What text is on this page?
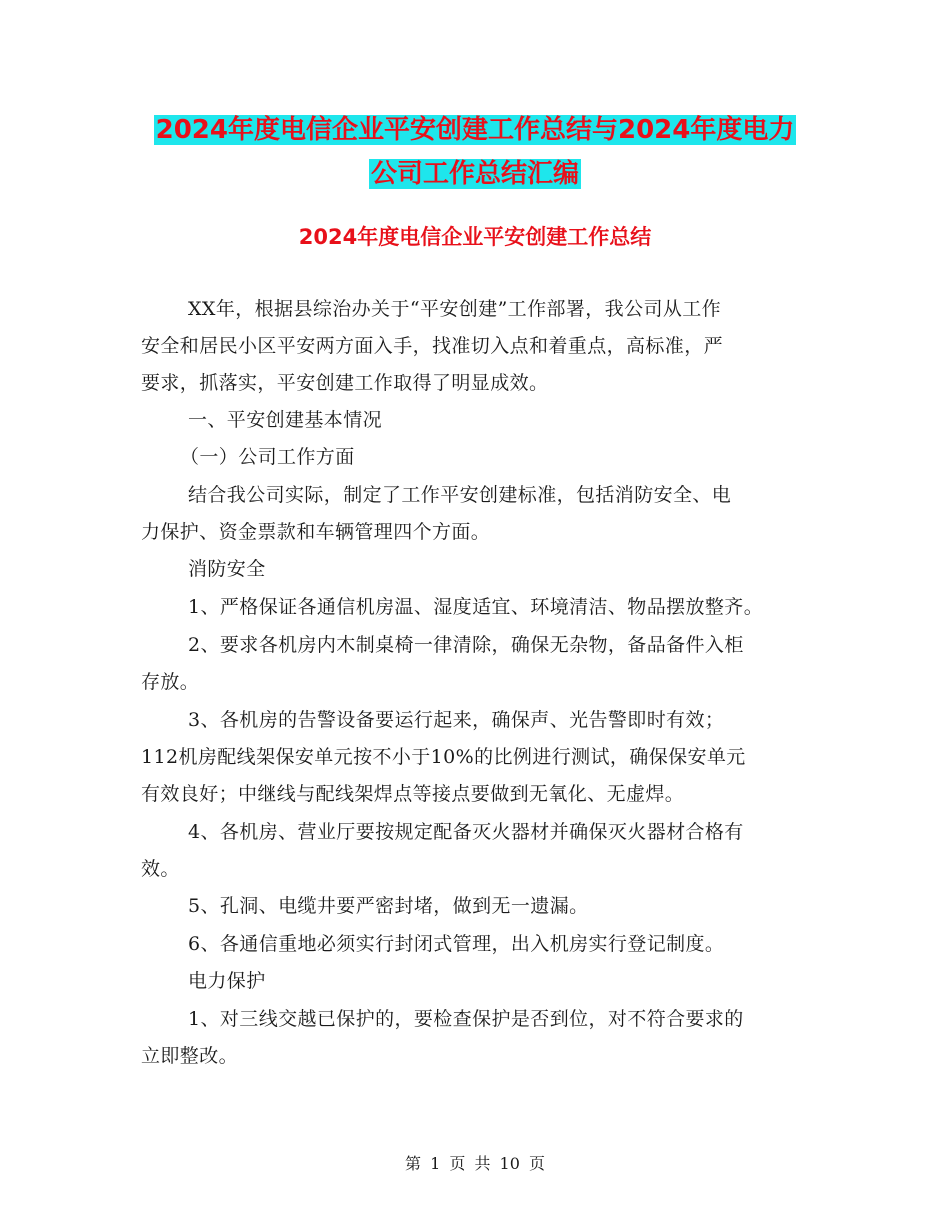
2024年度电信企业平安创建工作总结与2024年度电力
公司工作总结汇编
2024年度电信企业平安创建工作总结
XX年，根据县综治办关于“平安创建”工作部署，我公司从工作
安全和居民小区平安两方面入手，找准切入点和着重点，高标准，严
要求，抓落实，平安创建工作取得了明显成效。
一、平安创建基本情况
（一）公司工作方面
结合我公司实际，制定了工作平安创建标准，包括消防安全、电
力保护、资金票款和车辆管理四个方面。
消防安全
1、严格保证各通信机房温、湿度适宜、环境清洁、物品摆放整齐。
2、要求各机房内木制桌椅一律清除，确保无杂物，备品备件入柜
存放。
3、各机房的告警设备要运行起来，确保声、光告警即时有效；
112机房配线架保安单元按不小于10%的比例进行测试，确保保安单元
有效良好；中继线与配线架焊点等接点要做到无氧化、无虚焊。
4、各机房、营业厅要按规定配备灭火器材并确保灭火器材合格有
效。
5、孔洞、电缆井要严密封堵，做到无一遗漏。
6、各通信重地必须实行封闭式管理，出入机房实行登记制度。
电力保护
1、对三线交越已保护的，要检查保护是否到位，对不符合要求的
立即整改。
第 1 页 共 10 页
